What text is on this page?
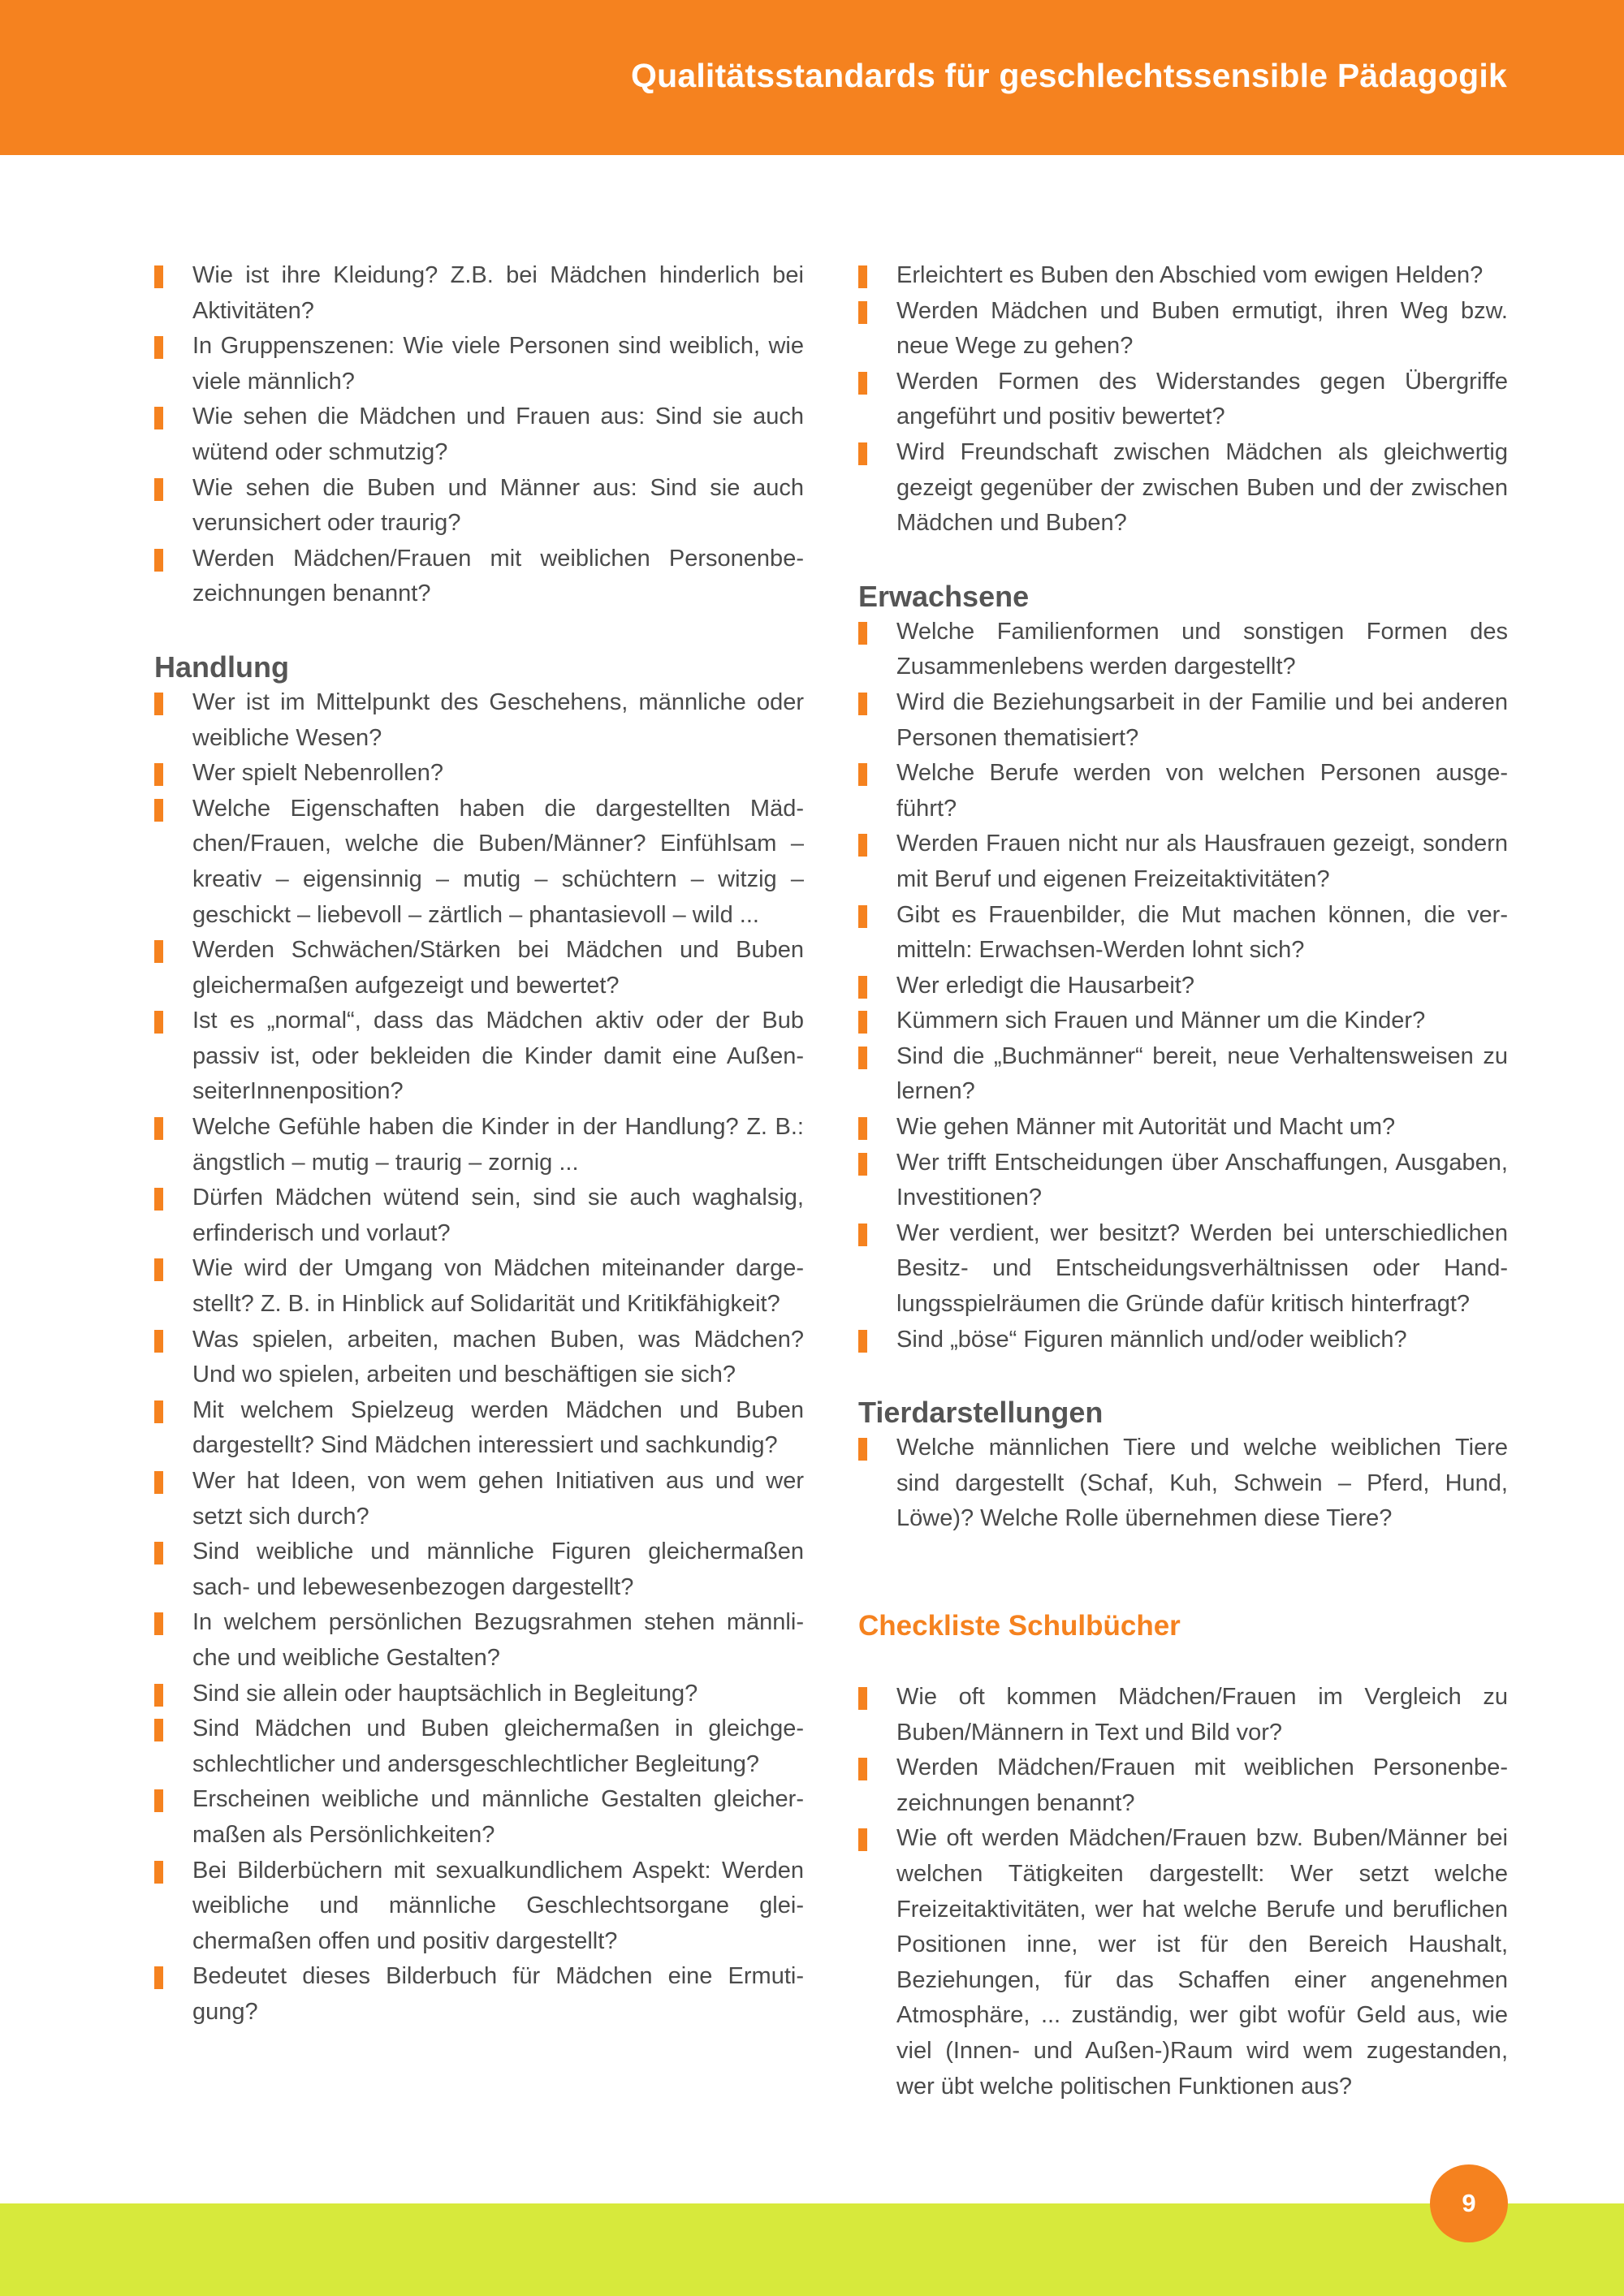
Qualitätsstandards für geschlechtssensible Pädagogik
Wie ist ihre Kleidung? Z.B. bei Mädchen hinderlich bei Aktivitäten?
In Gruppenszenen: Wie viele Personen sind weiblich, wie viele männlich?
Wie sehen die Mädchen und Frauen aus: Sind sie auch wütend oder schmutzig?
Wie sehen die Buben und Männer aus: Sind sie auch verunsichert oder traurig?
Werden Mädchen/Frauen mit weiblichen Personenbezeichnungen benannt?
Handlung
Wer ist im Mittelpunkt des Geschehens, männliche oder weibliche Wesen?
Wer spielt Nebenrollen?
Welche Eigenschaften haben die dargestellten Mädchen/Frauen, welche die Buben/Männer? Einfühlsam – kreativ – eigensinnig – mutig – schüchtern – witzig – geschickt – liebevoll – zärtlich – phantasievoll – wild ...
Werden Schwächen/Stärken bei Mädchen und Buben gleichermaßen aufgezeigt und bewertet?
Ist es „normal“, dass das Mädchen aktiv oder der Bub passiv ist, oder bekleiden die Kinder damit eine AußenseiterInnenposition?
Welche Gefühle haben die Kinder in der Handlung? Z. B.: ängstlich – mutig – traurig – zornig ...
Dürfen Mädchen wütend sein, sind sie auch waghalsig, erfinderisch und vorlaut?
Wie wird der Umgang von Mädchen miteinander dargestellt? Z. B. in Hinblick auf Solidarität und Kritikfähigkeit?
Was spielen, arbeiten, machen Buben, was Mädchen? Und wo spielen, arbeiten und beschäftigen sie sich?
Mit welchem Spielzeug werden Mädchen und Buben dargestellt? Sind Mädchen interessiert und sachkundig?
Wer hat Ideen, von wem gehen Initiativen aus und wer setzt sich durch?
Sind weibliche und männliche Figuren gleichermaßen sach- und lebewesenbezogen dargestellt?
In welchem persönlichen Bezugsrahmen stehen männliche und weibliche Gestalten?
Sind sie allein oder hauptsächlich in Begleitung?
Sind Mädchen und Buben gleichermaßen in gleichgeschlechtlicher und andersgeschlechtlicher Begleitung?
Erscheinen weibliche und männliche Gestalten gleichermaßen als Persönlichkeiten?
Bei Bilderbüchern mit sexualkundlichem Aspekt: Werden weibliche und männliche Geschlechtsorgane gleichermaßen offen und positiv dargestellt?
Bedeutet dieses Bilderbuch für Mädchen eine Ermutigung?
Erleichtert es Buben den Abschied vom ewigen Helden?
Werden Mädchen und Buben ermutigt, ihren Weg bzw. neue Wege zu gehen?
Werden Formen des Widerstandes gegen Übergriffe angeführt und positiv bewertet?
Wird Freundschaft zwischen Mädchen als gleichwertig gezeigt gegenüber der zwischen Buben und der zwischen Mädchen und Buben?
Erwachsene
Welche Familienformen und sonstigen Formen des Zusammenlebens werden dargestellt?
Wird die Beziehungsarbeit in der Familie und bei anderen Personen thematisiert?
Welche Berufe werden von welchen Personen ausgeführt?
Werden Frauen nicht nur als Hausfrauen gezeigt, sondern mit Beruf und eigenen Freizeitaktivitäten?
Gibt es Frauenbilder, die Mut machen können, die vermitteln: Erwachsen-Werden lohnt sich?
Wer erledigt die Hausarbeit?
Kümmern sich Frauen und Männer um die Kinder?
Sind die „Buchmänner“ bereit, neue Verhaltensweisen zu lernen?
Wie gehen Männer mit Autorität und Macht um?
Wer trifft Entscheidungen über Anschaffungen, Ausgaben, Investitionen?
Wer verdient, wer besitzt? Werden bei unterschiedlichen Besitz- und Entscheidungsverhältnissen oder Handlungsspielräumen die Gründe dafür kritisch hinterfragt?
Sind „böse“ Figuren männlich und/oder weiblich?
Tierdarstellungen
Welche männlichen Tiere und welche weiblichen Tiere sind dargestellt (Schaf, Kuh, Schwein – Pferd, Hund, Löwe)? Welche Rolle übernehmen diese Tiere?
Checkliste Schulbücher
Wie oft kommen Mädchen/Frauen im Vergleich zu Buben/Männern in Text und Bild vor?
Werden Mädchen/Frauen mit weiblichen Personenbezeichnungen benannt?
Wie oft werden Mädchen/Frauen bzw. Buben/Männer bei welchen Tätigkeiten dargestellt: Wer setzt welche Freizeitaktivitäten, wer hat welche Berufe und beruflichen Positionen inne, wer ist für den Bereich Haushalt, Beziehungen, für das Schaffen einer angenehmen Atmosphäre, ... zuständig, wer gibt wofür Geld aus, wie viel (Innen- und Außen-)Raum wird wem zugestanden, wer übt welche politischen Funktionen aus?
9
